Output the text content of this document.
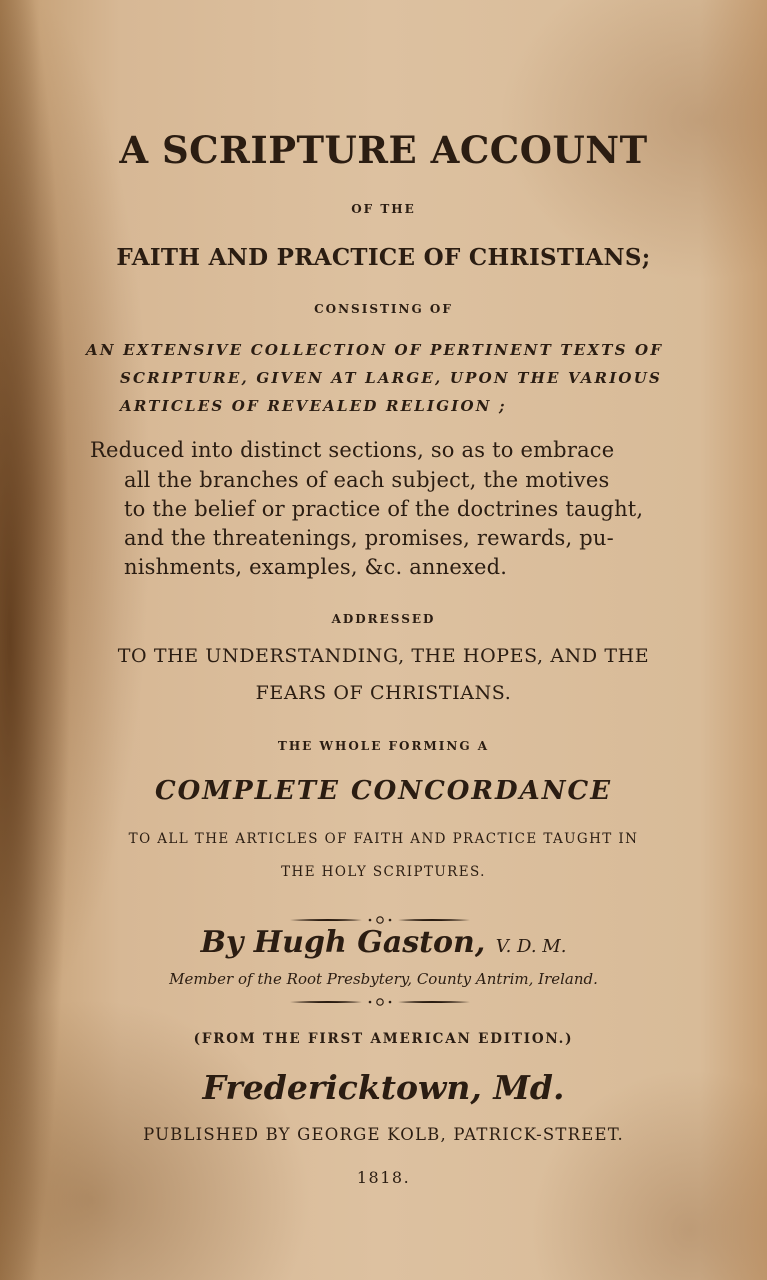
A SCRIPTURE ACCOUNT
OF THE
FAITH AND PRACTICE OF CHRISTIANS;
CONSISTING OF
AN EXTENSIVE COLLECTION OF PERTINENT TEXTS OF
SCRIPTURE, GIVEN AT LARGE, UPON THE VARIOUS
ARTICLES OF REVEALED RELIGION ;
Reduced into distinct sections, so as to embrace
all the branches of each subject, the motives
to the belief or practice of the doctrines taught,
and the threatenings, promises, rewards, pu-
nishments, examples, &c. annexed.
ADDRESSED
TO THE UNDERSTANDING, THE HOPES, AND THE
FEARS OF CHRISTIANS.
THE WHOLE FORMING A
COMPLETE CONCORDANCE
TO ALL THE ARTICLES OF FAITH AND PRACTICE TAUGHT IN
THE HOLY SCRIPTURES.
By Hugh Gaston, V. D. M.
Member of the Root Presbytery, County Antrim, Ireland.
(FROM THE FIRST AMERICAN EDITION.)
Fredericktown, Md.
PUBLISHED BY GEORGE KOLB, PATRICK-STREET.
1818.
